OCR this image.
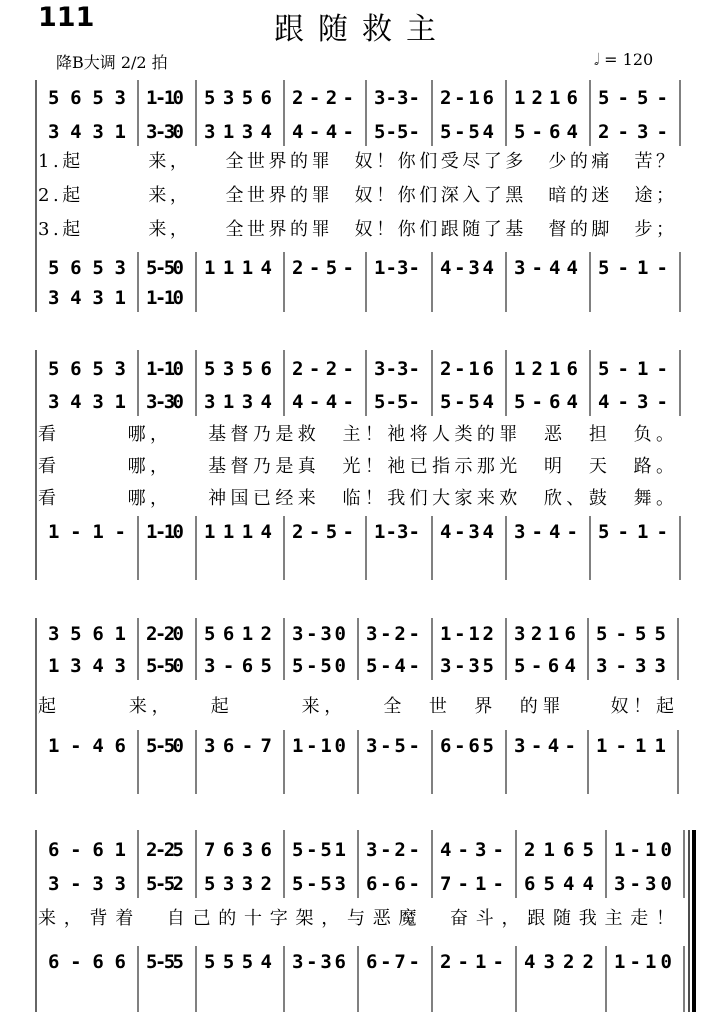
111	跟随救主
降B大调 2/2 拍	𝅗𝅥 = 120
5 6 5 3
3 4 3 1
5 6 5 3
3 4 3 1
1 - 1 0
3 - 3 0
5 - 5 0
1 - 1 0
5 3 5 6
3 1 3 4
1 1 1 4
2 - 2 -
4 - 4 -
2 - 5 -
3 - 3 -
5 - 5 -
1 - 3 -
2 - 1 6
5 - 5 4
4 - 3 4
1 2 1 6
5 - 6 4
3 - 4 4
5 - 5 -
2 - 3 -
5 - 1 -
1.起　　　来，　　全世界的罪　奴！你们受尽了多　少的痛　苦？
2.起　　　来，　　全世界的罪　奴！你们深入了黑　暗的迷　途；
3.起　　　来，　　全世界的罪　奴！你们跟随了基　督的脚　步；
5 6 5 3
3 4 3 1
1 - 1 -
1 - 1 0
3 - 3 0
1 - 1 0
5 3 5 6
3 1 3 4
1 1 1 4
2 - 2 -
4 - 4 -
2 - 5 -
3 - 3 -
5 - 5 -
1 - 3 -
2 - 1 6
5 - 5 4
4 - 3 4
1 2 1 6
5 - 6 4
3 - 4 -
5 - 1 -
4 - 3 -
5 - 1 -
看　　　哪，　　基督乃是救　主！祂将人类的罪　恶　担　负。
看　　　哪，　　基督乃是真　光！祂已指示那光　明　天　路。
看　　　哪，　　神国已经来　临！我们大家来欢　欣、鼓　舞。
3 5 6 1
1 3 4 3
1 - 4 6
2 - 2 0
5 - 5 0
5 - 5 0
5 6 1 2
3 - 6 5
3 6 - 7
3 - 3 0
5 - 5 0
1 - 1 0
3 - 2 -
5 - 4 -
3 - 5 -
1 - 1 2
3 - 3 5
6 - 6 5
3 2 1 6
5 - 6 4
3 - 4 -
5 - 5 5
3 - 3 3
1 - 1 1
起　　　来，　　起　　　来，　　全　世　界　的罪　　奴！起
6 - 6 1
3 - 3 3
6 - 6 6
2 - 2 5
5 - 5 2
5 - 5 5
7 6 3 6
5 3 3 2
5 5 5 4
5 - 5 1
5 - 5 3
3 - 3 6
3 - 2 -
6 - 6 -
6 - 7 -
4 - 3 -
7 - 1 -
2 - 1 -
2 1 6 5
6 5 4 4
4 3 2 2
1 - 1 0
3 - 3 0
1 - 1 0
来，背着　自己的十字架，与恶魔　奋斗，跟随我主走！
